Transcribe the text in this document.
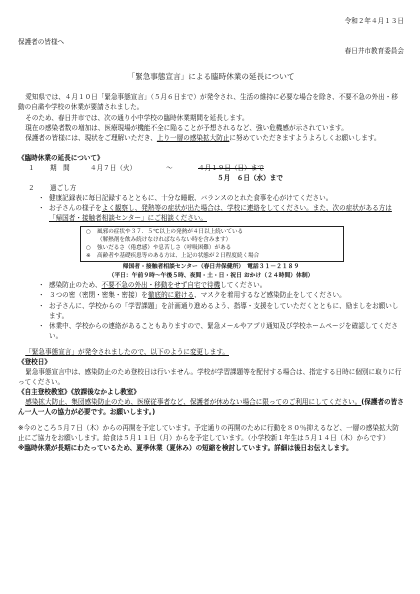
令和２年４月１３日
保護者の皆様へ
春日井市教育委員会
「緊急事態宣言」による臨時休業の延長について
愛知県では、４月１０日「緊急事態宣言」（５月６日まで）が発令され、生活の維持に必要な場合を除き、不要不急の外出・移動の自粛や学校の休業が要請されました。
そのため、春日井市では、次の通り小中学校の臨時休業期間を延長します。
現在の感染者数の増加は、医療現場が機能不全に陥ることが予想されるなど、強い危機感が示されています。
保護者の皆様には、現状をご理解いただき、上り一層の感染拡大防止に努めていただきますようよろしくお願いします。
《臨時休業の延長について》
１	期　間	４月７日（火）	～	４月１９日（日）まで
５月　６日（水）まで
２	過ごし方
・ 健康記録表に毎日記録するとともに、十分な睡眠、バランスのとれた食事を心がけてください。
・ お子さんの様子をよく観察し、発熱等の症状が出た場合は、学校に連絡をしてください。また、次の症状がある方は「帰国者・接触者相談センター」にご相談ください。
○	風邪の症状や３７．５℃以上の発熱が４日以上続いている
（解熱剤を飲み続けなければならない時を含みます）
○	強いだるさ（倦怠感）や息苦しさ（呼吸困難）がある
※	高齢者や基礎疾患等のある方は、上記の状態が２日程度続く場合
帰国者・接触者相談センター（春日井保健所）　電話３１－２１８９
（平日：午前９時～午後５時、夜間・土・日・祝日 おかけ（２４時間）体制）
・ 感染防止のため、不要不急の外出・移動をせず自宅で待機してください。
・ ３つの密（密閉・密集・密接）を徹底的に避ける、マスクを着用するなど感染防止をしてください。
・ お子さんに、学校からの「学習課題」を計画通り進めるよう、指導・支援をしていただくとともに、励ましをお願いします。
・ 休業中、学校からの連絡があることもありますので、緊急メールやアプリ通知及び学校ホームページを確認してください。
「緊急事態宣言」が発令されましたので、以下のように変更します。
《登校日》
緊急事態宣言中は、感染防止のため登校日は行いません。学校が学習課題等を配付する場合は、指定する日時に個別に取りに行ってください。
《自主登校教室》《放課後なかよし教室》
感染拡大防止、集団感染防止のため、医療従事者など、保護者が休めない場合に限ってのご利用にしてください。(保護者の皆さん一人一人の協力が必要です。お願いします。)
※今のところ５月７日（木）からの再開を予定しています。予定通りの再開のために行動を８０％抑えるなど、一層の感染拡大防止にご協力をお願いします。給食は５月１１日（月）からを予定しています。（小学校新１年生は５月１４日（木）からです）
※臨時休業が長期にわたっているため、夏季休業（夏休み）の短縮を検討しています。詳細は後日お伝えします。
